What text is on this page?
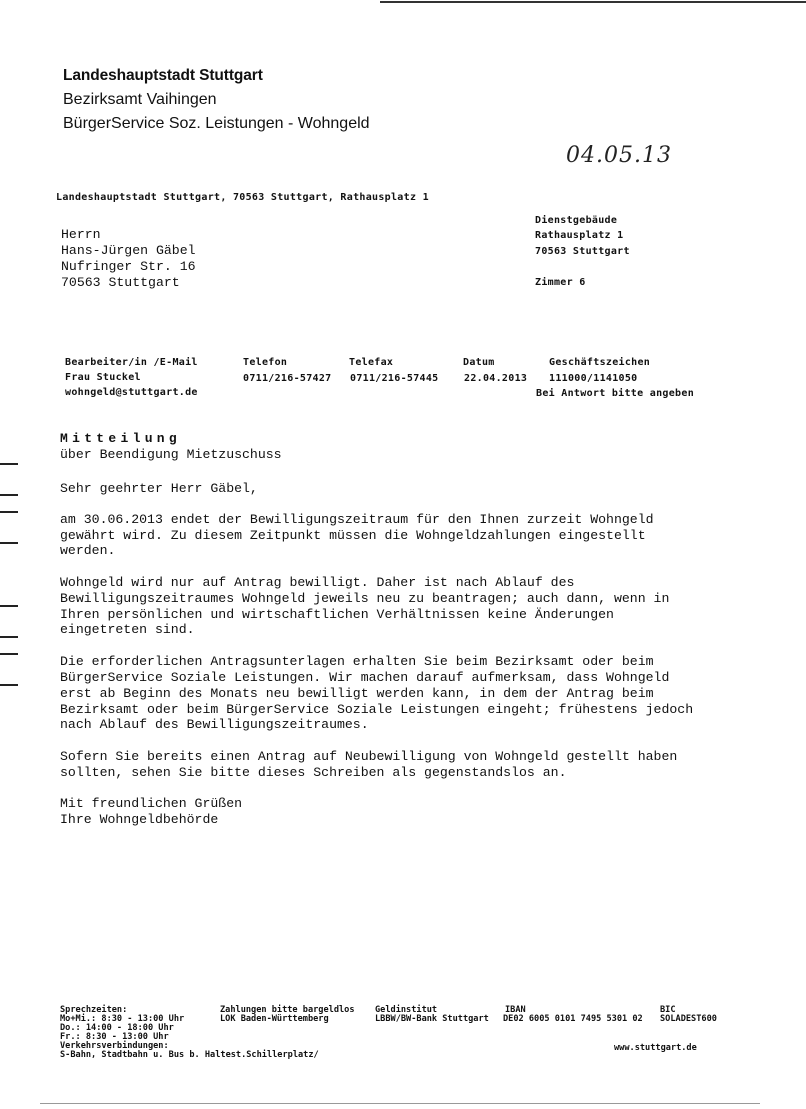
Landeshauptstadt Stuttgart
Bezirksamt Vaihingen
BürgerService Soz. Leistungen - Wohngeld
04.05.13
Landeshauptstadt Stuttgart, 70563 Stuttgart, Rathausplatz 1
Herrn
Hans-Jürgen Gäbel
Nufringer Str. 16
70563 Stuttgart
Dienstgebäude
Rathausplatz 1
70563 Stuttgart
Zimmer 6
Bearbeiter/in /E-Mail	Telefon	Telefax	Datum	Geschäftszeichen
Frau Stuckel	0711/216-57427 0711/216-57445	22.04.2013 111000/1141050
wohngeld@stuttgart.de	Bei Antwort bitte angeben
Mitteilung
über Beendigung Mietzuschuss
Sehr geehrter Herr Gäbel,
am 30.06.2013 endet der Bewilligungszeitraum für den Ihnen zurzeit Wohngeld
gewährt wird. Zu diesem Zeitpunkt müssen die Wohngeldzahlungen eingestellt
werden.
Wohngeld wird nur auf Antrag bewilligt. Daher ist nach Ablauf des
Bewilligungszeitraumes Wohngeld jeweils neu zu beantragen; auch dann, wenn in
Ihren persönlichen und wirtschaftlichen Verhältnissen keine Änderungen
eingetreten sind.
Die erforderlichen Antragsunterlagen erhalten Sie beim Bezirksamt oder beim
BürgerService Soziale Leistungen. Wir machen darauf aufmerksam, dass Wohngeld
erst ab Beginn des Monats neu bewilligt werden kann, in dem der Antrag beim
Bezirksamt oder beim BürgerService Soziale Leistungen eingeht; frühestens jedoch
nach Ablauf des Bewilligungszeitraumes.
Sofern Sie bereits einen Antrag auf Neubewilligung von Wohngeld gestellt haben
sollten, sehen Sie bitte dieses Schreiben als gegenstandslos an.
Mit freundlichen Grüßen
Ihre Wohngeldbehörde
Sprechzeiten:
Mo+Mi.: 8:30 - 13:00 Uhr
Do.: 14:00 - 18:00 Uhr
Fr.: 8:30 - 13:00 Uhr
Verkehrsverbindungen:
S-Bahn, Stadtbahn u. Bus b. Haltest.Schillerplatz/
Zahlungen bitte bargeldlos
LOK Baden-Württemberg
Geldinstitut
LBBW/BW-Bank Stuttgart
IBAN
DE02 6005 0101 7495 5301 02
BIC
SOLADEST600
www.stuttgart.de
